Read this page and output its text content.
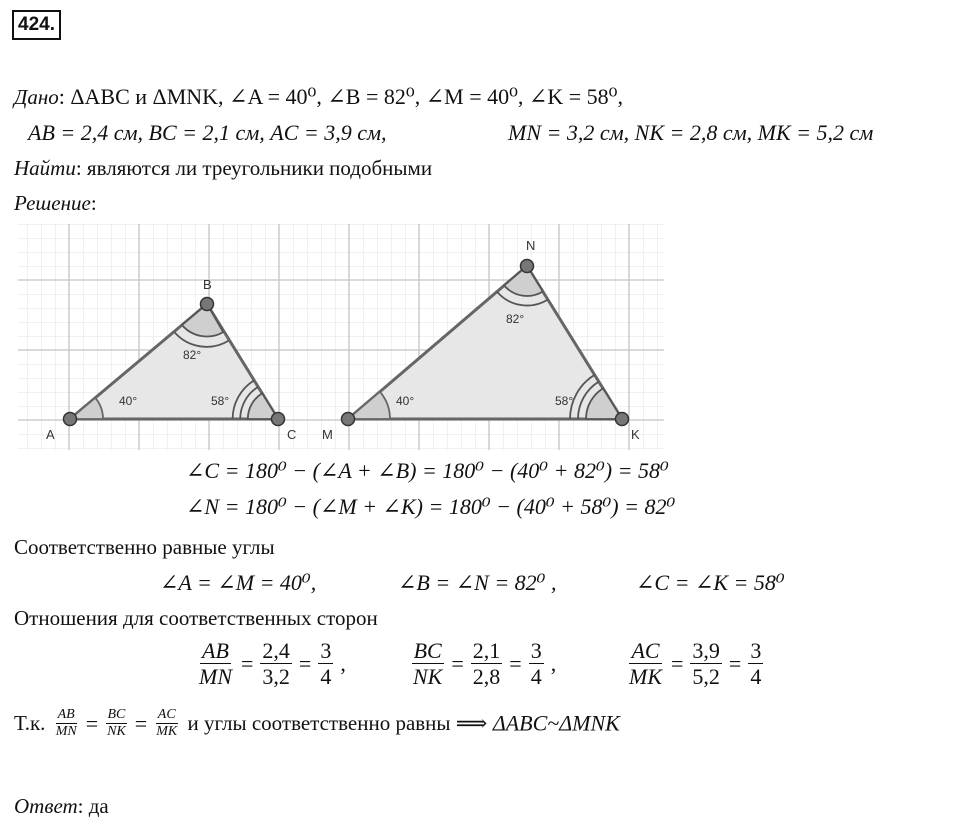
424.
Дано: ΔABC и ΔMNK, ∠A = 40⁰, ∠B = 82⁰, ∠M = 40⁰, ∠K = 58⁰,
AB = 2,4 см, BC = 2,1 см, AC = 3,9 см,	MN = 3,2 см, NK = 2,8 см, MK = 5,2 см
Найти: являются ли треугольники подобными
Решение:
A
B
C
40°
82°
58°
M
N
K
40°
82°
58°
∠C = 180⁰ − (∠A + ∠B) = 180⁰ − (40⁰ + 82⁰) = 58⁰
∠N = 180⁰ − (∠M + ∠K) = 180⁰ − (40⁰ + 58⁰) = 82⁰
Соответственно равные углы
∠A = ∠M = 40⁰,	∠B = ∠N = 82⁰ ,	∠C = ∠K = 58⁰
Отношения для соответственных сторон
$\frac{AB}{MN} = \frac{2,4}{3,2} = \frac{3}{4}$ ,	$\frac{BC}{NK} = \frac{2,1}{2,8} = \frac{3}{4}$ ,	$\frac{AC}{MK} = \frac{3,9}{5,2} = \frac{3}{4}$
Т.к. $\frac{AB}{MN} = \frac{BC}{NK} = \frac{AC}{MK}$ и углы соответственно равны ⟹ ΔABC~ΔMNK
Ответ: да
